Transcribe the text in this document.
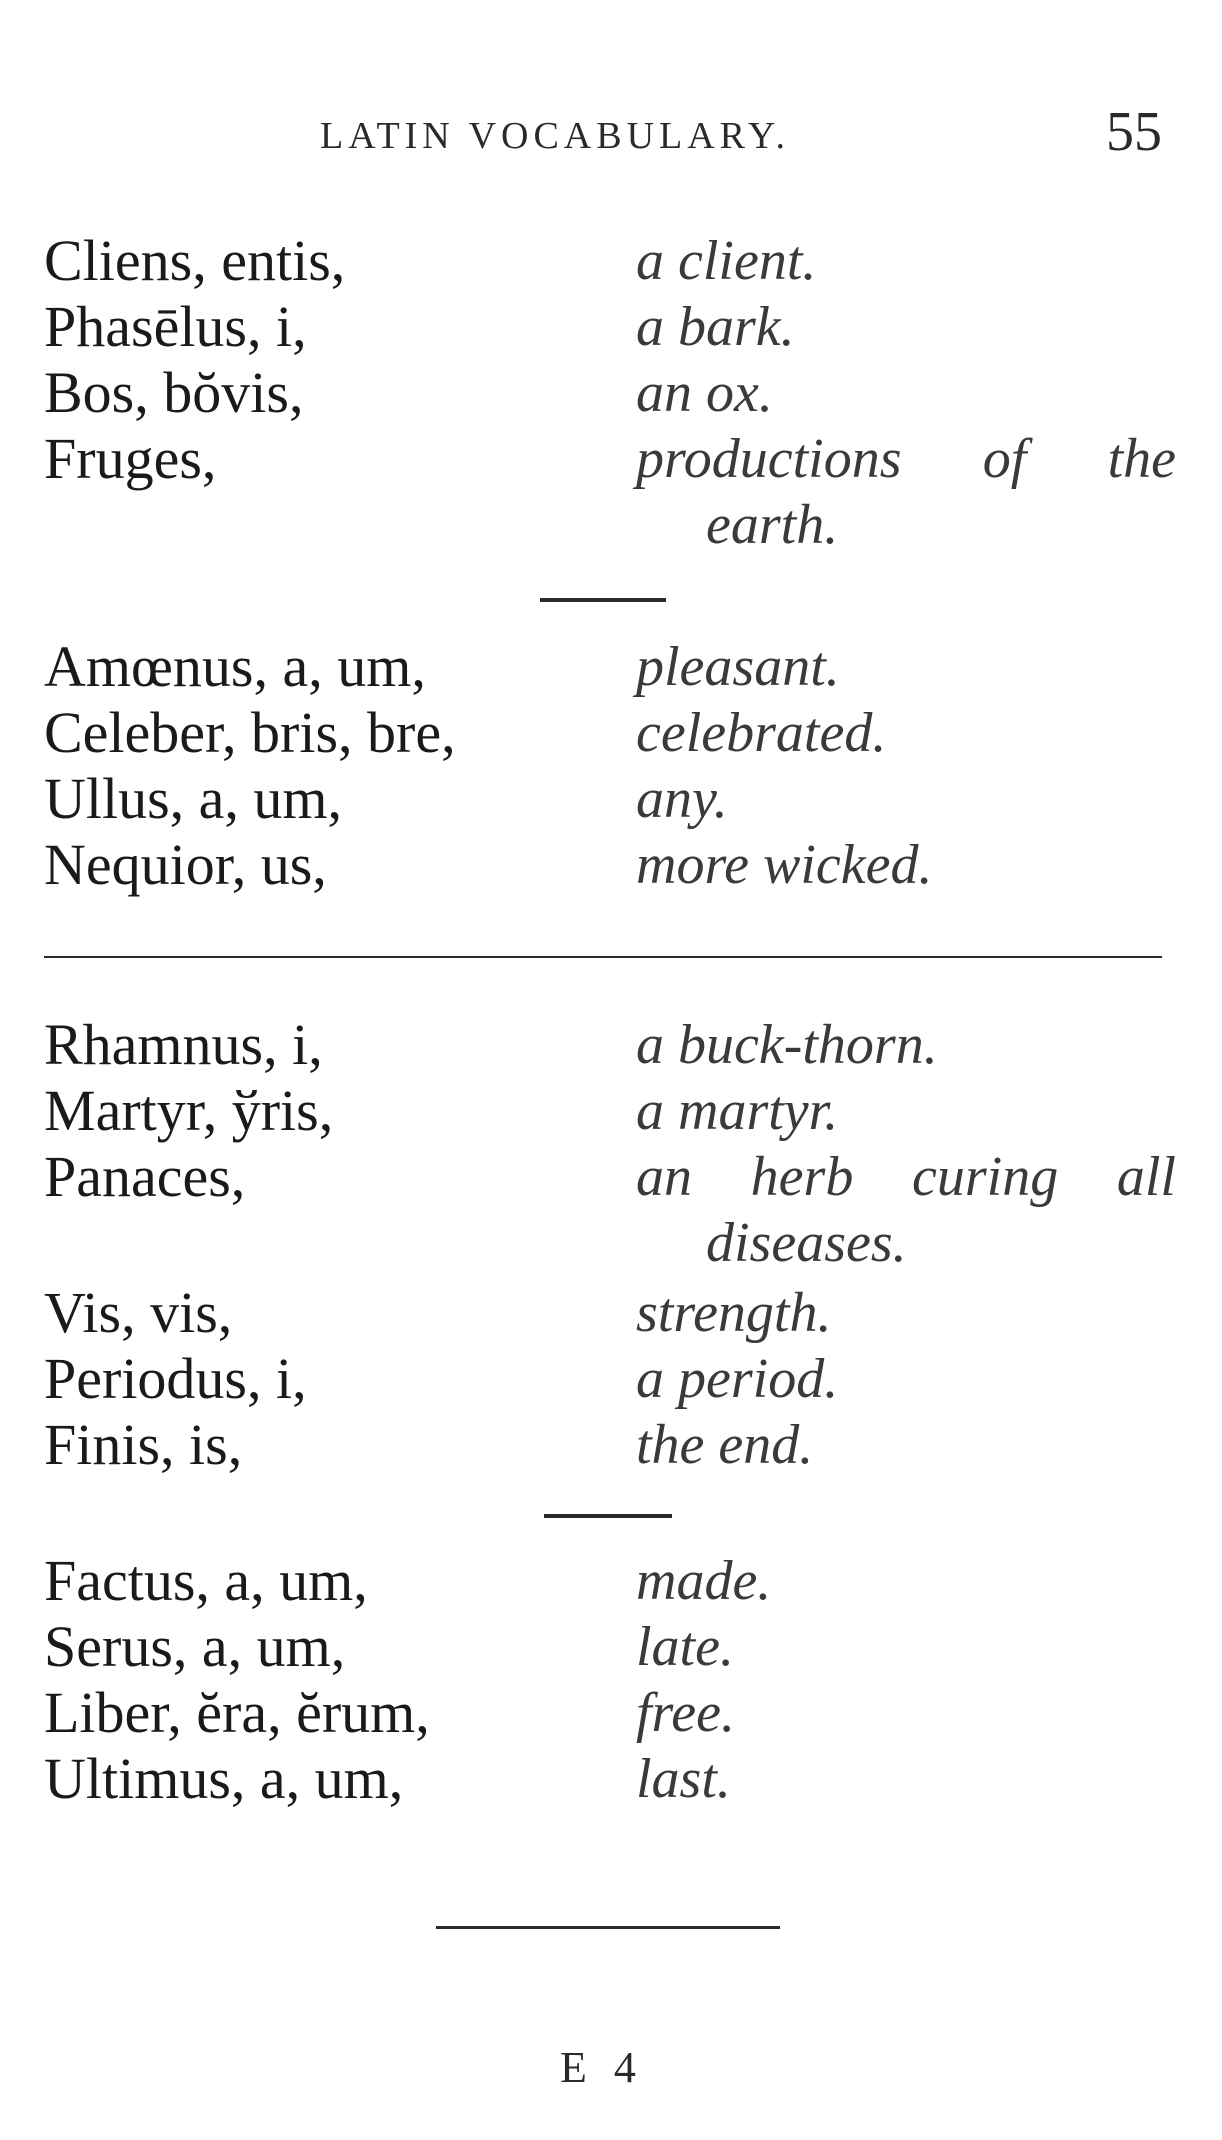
LATIN VOCABULARY.	55
Cliens, entis,	a client.
Phasēlus, i,	a bark.
Bos, bŏvis,	an ox.
Fruges,	productions of the
earth.
Amœnus, a, um,	pleasant.
Celeber, bris, bre,	celebrated.
Ullus, a, um,	any.
Nequior, us,	more wicked.
Rhamnus, i,	a buck-thorn.
Martyr, ўris,	a martyr.
Panaces,	an herb curing all
diseases.
Vis, vis,	strength.
Periodus, i,	a period.
Finis, is,	the end.
Factus, a, um,	made.
Serus, a, um,	late.
Liber, ĕra, ĕrum,	free.
Ultimus, a, um,	last.
E 4
